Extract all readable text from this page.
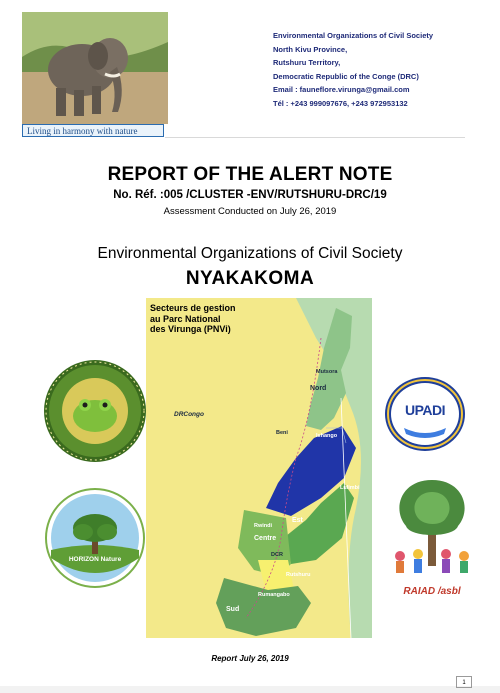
Living in harmony with nature
Environmental Organizations of Civil Society
North Kivu Province,
Rutshuru Territory,
Democratic Republic of the Conge (DRC)
Email : fauneflore.virunga@gmail.com
Tél : +243 999097676, +243 972953132
REPORT OF THE ALERT NOTE
No. Réf. :005 /CLUSTER -ENV/RUTSHURU-DRC/19
Assessment Conducted on July 26, 2019
Environmental Organizations of Civil Society
NYAKAKOMA
Secteurs de gestion
au Parc National
des Virunga (PNVi)
DRCongo
Mutsora
Nord
Beni	Ishango
Lulimbi
Rwindi
Est
Centre
DCR
Rutshuru
Rumangabo
Sud
HORIZON Nature
UPADI
RAIAD /asbl
Report July 26, 2019
1
